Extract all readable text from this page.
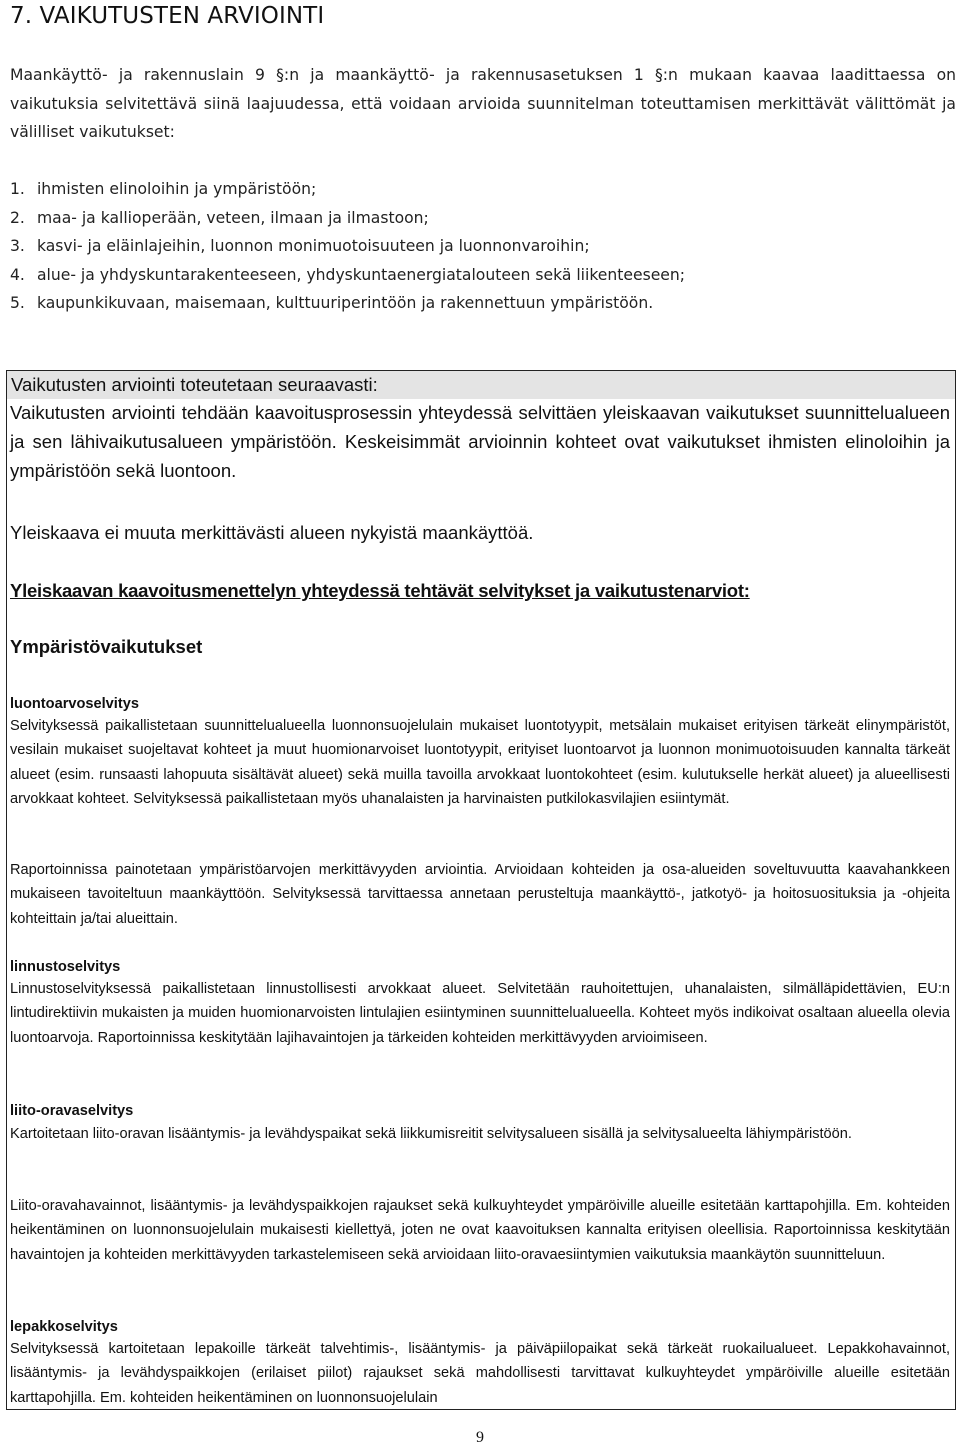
7. VAIKUTUSTEN ARVIOINTI

Maankäyttö- ja rakennuslain 9 §:n ja maankäyttö- ja rakennusasetuksen 1 §:n mukaan kaavaa laadittaessa on vaikutuksia selvitettävä siinä laajuudessa, että voidaan arvioida suunnitelman toteuttamisen merkittävät välittömät ja välilliset vaikutukset:

1. ihmisten elinoloihin ja ympäristöön;
2. maa- ja kallioperään, veteen, ilmaan ja ilmastoon;
3. kasvi- ja eläinlajeihin, luonnon monimuotoisuuteen ja luonnonvaroihin;
4. alue- ja yhdyskuntarakenteeseen, yhdyskuntaenergiatalouteen sekä liikenteeseen;
5. kaupunkikuvaan, maisemaan, kulttuuriperintöön ja rakennettuun ympäristöön.
Vaikutusten arviointi toteutetaan seuraavasti:

Vaikutusten arviointi tehdään kaavoitusprosessin yhteydessä selvittäen yleiskaavan vaikutukset suunnittelualueen ja sen lähivaikutusalueen ympäristöön. Keskeisimmät arvioinnin kohteet ovat vaikutukset ihmisten elinoloihin ja ympäristöön sekä luontoon.

Yleiskaava ei muuta merkittävästi alueen nykyistä maankäyttöä.

Yleiskaavan kaavoitusmenettelyn yhteydessä tehtävät selvitykset ja vaikutustenarviot:
Ympäristövaikutukset
luontoarvoselvitys

Selvityksessä paikallistetaan suunnittelualueella luonnonsuojelulain mukaiset luontotyypit, metsälain mukaiset erityisen tärkeät elinympäristöt, vesilain mukaiset suojeltavat kohteet ja muut huomionarvoiset luontotyypit, erityiset luontoarvot ja luonnon monimuotoisuuden kannalta tärkeät alueet (esim. runsaasti lahopuuta sisältävät alueet) sekä muilla tavoilla arvokkaat luontokohteet (esim. kulutukselle herkät alueet) ja alueellisesti arvokkaat kohteet. Selvityksessä paikallistetaan myös uhanalaisten ja harvinaisten putkilokasvilajien esiintymät.

Raportoinnissa painotetaan ympäristöarvojen merkittävyyden arviointia. Arvioidaan kohteiden ja osa-alueiden soveltuvuutta kaavahankkeen mukaiseen tavoiteltuun maankäyttöön. Selvityksessä tarvittaessa annetaan perusteltuja maankäyttö-, jatkotyö- ja hoitosuosituksia ja -ohjeita kohteittain ja/tai alueittain.

linnustoselvitys

Linnustoselvityksessä paikallistetaan linnustollisesti arvokkaat alueet. Selvitetään rauhoitettujen, uhanalaisten, silmälläpidettävien, EU:n lintudirektiivin mukaisten ja muiden huomionarvoisten lintulajien esiintyminen suunnittelualueella. Kohteet myös indikoivat osaltaan alueella olevia luontoarvoja. Raportoinnissa keskitytään lajihavaintojen ja tärkeiden kohteiden merkittävyyden arvioimiseen.

liito-oravaselvitys

Kartoitetaan liito-oravan lisääntymis- ja levähdyspaikat sekä liikkumisreitit selvitysalueen sisällä ja selvitysalueelta lähiympäristöön.

Liito-oravahavainnot, lisääntymis- ja levähdyspaikkojen rajaukset sekä kulkuyhteydet ympäröiville alueille esitetään karttapohjilla. Em. kohteiden heikentäminen on luonnonsuojelulain mukaisesti kiellettyä, joten ne ovat kaavoituksen kannalta erityisen oleellisia. Raportoinnissa keskitytään havaintojen ja kohteiden merkittävyyden tarkastelemiseen sekä arvioidaan liito-oravaesiintymien vaikutuksia maankäytön suunnitteluun.

lepakkoselvitys

Selvityksessä kartoitetaan lepakoille tärkeät talvehtimis-, lisääntymis- ja päiväpiilopaikat sekä tärkeät ruokailualueet. Lepakkohavainnot, lisääntymis- ja levähdyspaikkojen (erilaiset piilot) rajaukset sekä mahdollisesti tarvittavat kulkuyhteydet ympäröiville alueille esitetään karttapohjilla. Em. kohteiden heikentäminen on luonnonsuojelulain

9
